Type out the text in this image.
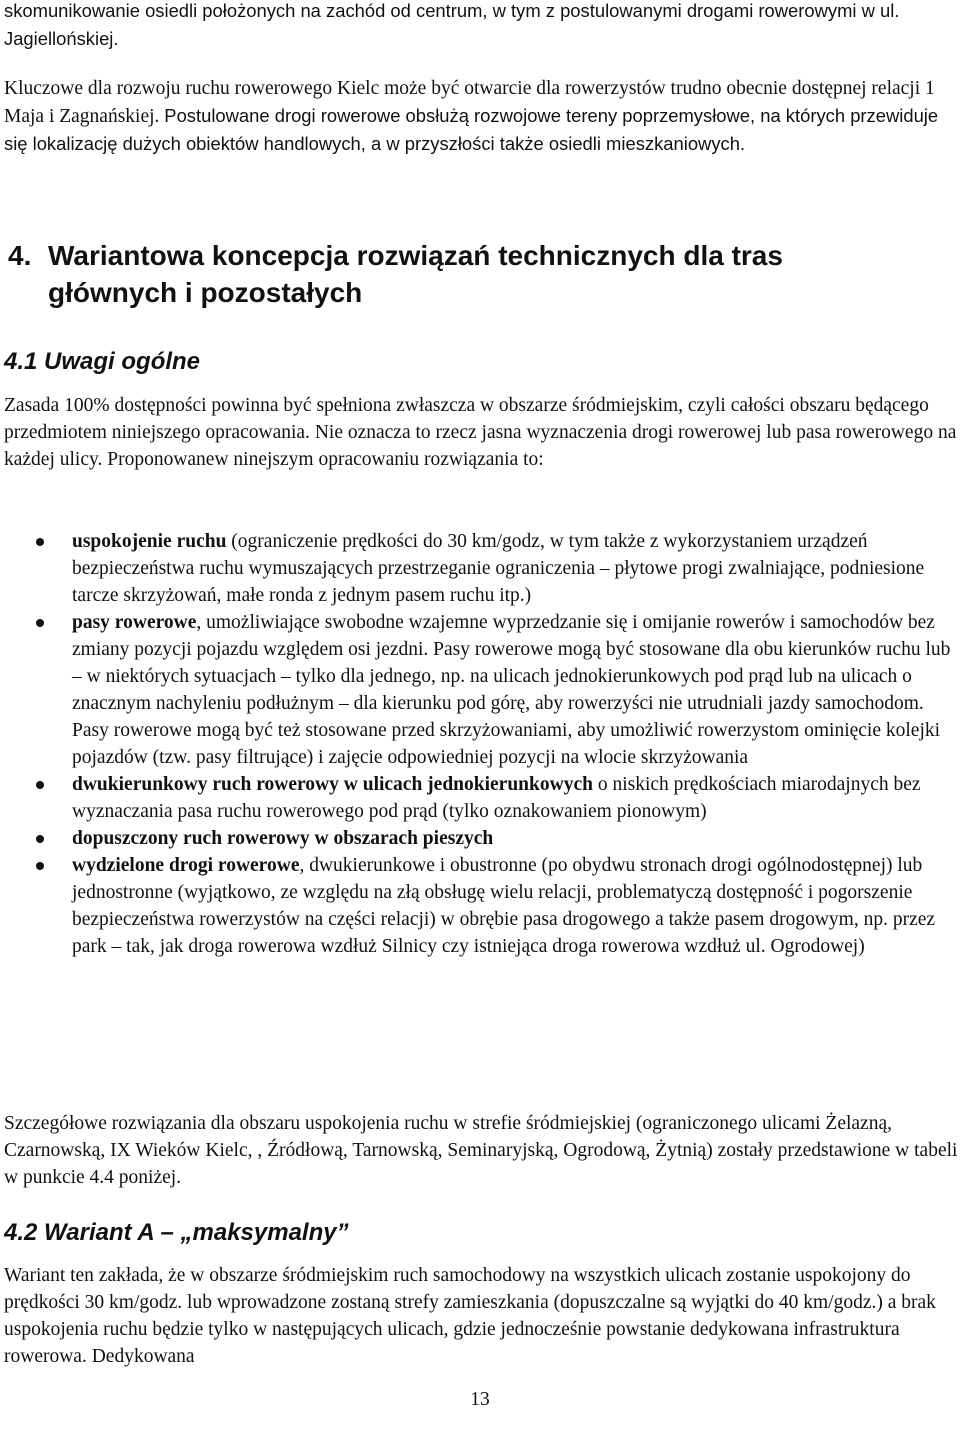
skomunikowanie osiedli położonych na zachód od centrum, w tym z postulowanymi drogami rowerowymi w ul. Jagiellońskiej.

Kluczowe dla rozwoju ruchu rowerowego Kielc może być otwarcie dla rowerzystów trudno obecnie dostępnej relacji 1 Maja i Zagnańskiej. Postulowane drogi rowerowe obsłużą rozwojowe tereny poprzemysłowe, na których przewiduje się lokalizację dużych obiektów handlowych, a w przyszłości także osiedli mieszkaniowych.

4. Wariantowa koncepcja rozwiązań technicznych dla tras
głównych i pozostałych
4.1 Uwagi ogólne

Zasada 100% dostępności powinna być spełniona zwłaszcza w obszarze śródmiejskim, czyli całości obszaru będącego przedmiotem niniejszego opracowania. Nie oznacza to rzecz jasna wyznaczenia drogi rowerowej lub pasa rowerowego na każdej ulicy. Proponowanew ninejszym opracowaniu rozwiązania to:

uspokojenie ruchu (ograniczenie prędkości do 30 km/godz, w tym także z wykorzystaniem urządzeń bezpieczeństwa ruchu wymuszających przestrzeganie ograniczenia – płytowe progi zwalniające, podniesione tarcze skrzyżowań, małe ronda z jednym pasem ruchu itp.)
pasy rowerowe, umożliwiające swobodne wzajemne wyprzedzanie się i omijanie rowerów i samochodów bez zmiany pozycji pojazdu względem osi jezdni. Pasy rowerowe mogą być stosowane dla obu kierunków ruchu lub – w niektórych sytuacjach – tylko dla jednego, np. na ulicach jednokierunkowych pod prąd lub na ulicach o znacznym nachyleniu podłużnym – dla kierunku pod górę, aby rowerzyści nie utrudniali jazdy samochodom. Pasy rowerowe mogą być też stosowane przed skrzyżowaniami, aby umożliwić rowerzystom ominięcie kolejki pojazdów (tzw. pasy filtrujące) i zajęcie odpowiedniej pozycji na wlocie skrzyżowania
dwukierunkowy ruch rowerowy w ulicach jednokierunkowych o niskich prędkościach miarodajnych bez wyznaczania pasa ruchu rowerowego pod prąd (tylko oznakowaniem pionowym)
dopuszczony ruch rowerowy w obszarach pieszych
wydzielone drogi rowerowe, dwukierunkowe i obustronne (po obydwu stronach drogi ogólnodostępnej) lub jednostronne (wyjątkowo, ze względu na złą obsługę wielu relacji, problematyczą dostępność i pogorszenie bezpieczeństwa rowerzystów na części relacji) w obrębie pasa drogowego a także pasem drogowym, np. przez park – tak, jak droga rowerowa wzdłuż Silnicy czy istniejąca droga rowerowa wzdłuż ul. Ogrodowej)

Szczegółowe rozwiązania dla obszaru uspokojenia ruchu w strefie śródmiejskiej (ograniczonego ulicami Żelazną, Czarnowską, IX Wieków Kielc, , Źródłową, Tarnowską, Seminaryjską, Ogrodową, Żytnią) zostały przedstawione w tabeli w punkcie 4.4 poniżej.

4.2 Wariant A – „maksymalny”

Wariant ten zakłada, że w obszarze śródmiejskim ruch samochodowy na wszystkich ulicach zostanie uspokojony do prędkości 30 km/godz. lub wprowadzone zostaną strefy zamieszkania (dopuszczalne są wyjątki do 40 km/godz.) a brak uspokojenia ruchu będzie tylko w następujących ulicach, gdzie jednocześnie powstanie dedykowana infrastruktura rowerowa. Dedykowana

13
